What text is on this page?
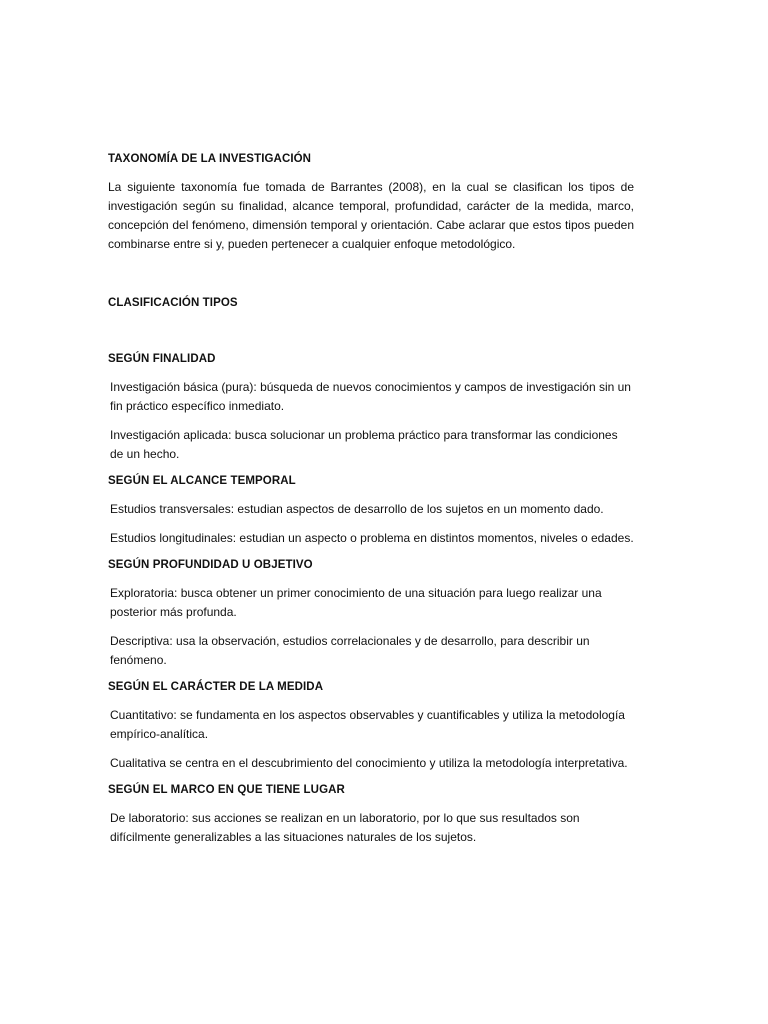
TAXONOMÍA DE LA INVESTIGACIÓN

La siguiente taxonomía fue tomada de Barrantes (2008), en la cual se clasifican los tipos de investigación según su finalidad, alcance temporal, profundidad, carácter de la medida, marco, concepción del fenómeno, dimensión temporal y orientación. Cabe aclarar que estos tipos pueden combinarse entre si y, pueden pertenecer a cualquier enfoque metodológico.

CLASIFICACIÓN TIPOS

SEGÚN FINALIDAD

Investigación básica (pura): búsqueda de nuevos conocimientos y campos de investigación sin un fin práctico específico inmediato.

Investigación aplicada: busca solucionar un problema práctico para transformar las condiciones de un hecho.

SEGÚN EL ALCANCE TEMPORAL

Estudios transversales: estudian aspectos de desarrollo de los sujetos en un momento dado.

Estudios longitudinales: estudian un aspecto o problema en distintos momentos, niveles o edades.

SEGÚN PROFUNDIDAD U OBJETIVO

Exploratoria: busca obtener un primer conocimiento de una situación para luego realizar una posterior más profunda.

Descriptiva: usa la observación, estudios correlacionales y de desarrollo, para describir un fenómeno.

SEGÚN EL CARÁCTER DE LA MEDIDA

Cuantitativo: se fundamenta en los aspectos observables y cuantificables y utiliza la metodología empírico-analítica.

Cualitativa se centra en el descubrimiento del conocimiento y utiliza la metodología interpretativa.

SEGÚN EL MARCO EN QUE TIENE LUGAR

De laboratorio: sus acciones se realizan en un laboratorio, por lo que sus resultados son difícilmente generalizables a las situaciones naturales de los sujetos.
